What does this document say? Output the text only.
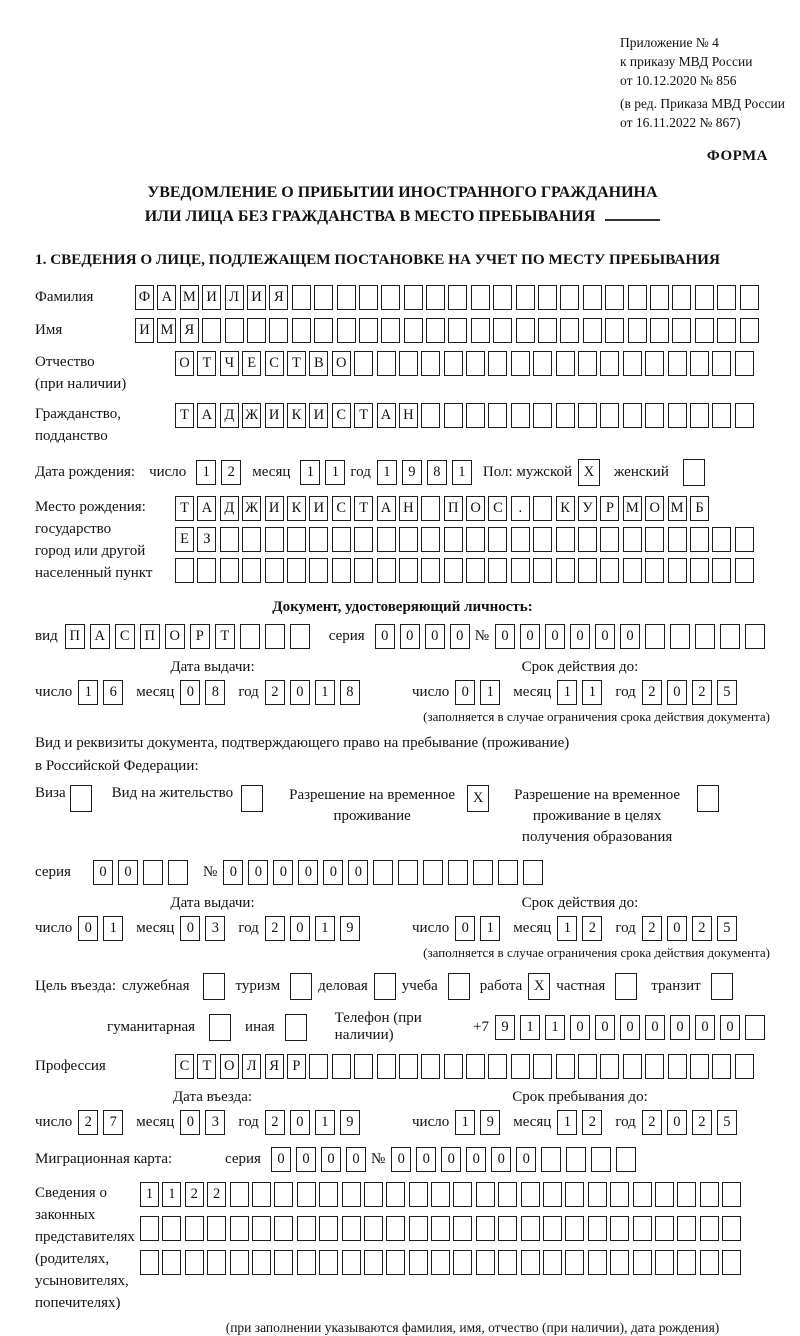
Приложение № 4
к приказу МВД России
от 10.12.2020 № 856
(в ред. Приказа МВД России
от 16.11.2022 № 867)
ФОРМА
УВЕДОМЛЕНИЕ О ПРИБЫТИИ ИНОСТРАННОГО ГРАЖДАНИНА
ИЛИ ЛИЦА БЕЗ ГРАЖДАНСТВА В МЕСТО ПРЕБЫВАНИЯ
1. СВЕДЕНИЯ О ЛИЦЕ, ПОДЛЕЖАЩЕМ ПОСТАНОВКЕ НА УЧЕТ ПО МЕСТУ ПРЕБЫВАНИЯ
Фамилия	Ф А М И Л И Я
Имя	И М Я
Отчество
(при наличии)
О Т Ч Е С Т В О
Гражданство,
подданство
Т А Д Ж И К И С Т А Н
Дата рождения: число	1	2	месяц	1	1 год 1	9	8	1	Пол: мужской X	женский
Место рождения:
государство
город или другой
населенный пункт
Т А Д Ж И К И С Т А Н П О С	.	К У Р М О М Б
Е З
Документ, удостоверяющий личность:
вид П	А	С	П	О	Р	Т	серия	0	0	0	0 № 0	0	0	0	0	0
Дата выдачи:
число 1	6	месяц 0	8	год 2	0	1	8
Срок действия до:
число 0	1	месяц 1	1	год 2	0	2	5
(заполняется в случае ограничения срока действия документа)
Вид и реквизиты документа, подтверждающего право на пребывание (проживание)
в Российской Федерации:
Виза	Вид на жительство	Разрешение на временное
проживание
X	Разрешение на временное
проживание в целях
получения образования
серия	0	0	№ 0	0	0	0	0	0
Дата выдачи:
число 0	1	месяц 0	3	год 2	0	1	9
Срок действия до:
число 0	1	месяц 1	2	год 2	0	2	5
(заполняется в случае ограничения срока действия документа)
Цель въезда: служебная	туризм	деловая учеба	работа X частная	транзит
гуманитарная	иная
Телефон (при наличии)
+7 9	1	1	0	0	0	0	0	0	0
Профессия	С Т О Л Я Р
Дата въезда:
число 2	7	месяц 0	3	год 2	0	1	9
Срок пребывания до:
число 1	9	месяц 1	2	год 2	0	2	5
Миграционная карта:	серия	0	0	0	0 № 0	0	0	0	0	0
Сведения о
законных
представителях
(родителях,
усыновителях,
попечителях)
1	1	2	2
(при заполнении указываются фамилия, имя, отчество (при наличии), дата рождения)
